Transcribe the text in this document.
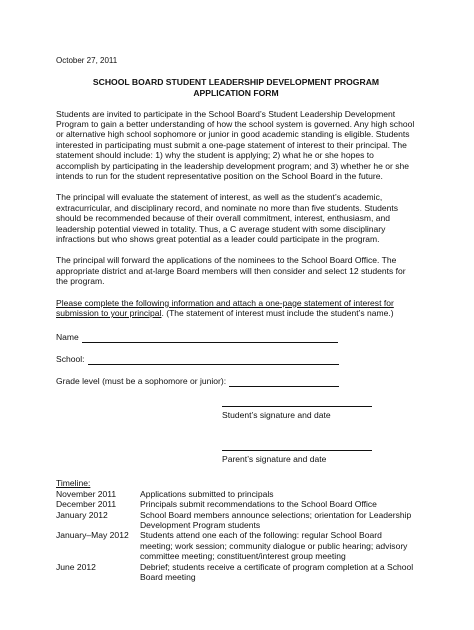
October 27, 2011
SCHOOL BOARD STUDENT LEADERSHIP DEVELOPMENT PROGRAM
APPLICATION FORM

Students are invited to participate in the School Board’s Student Leadership Development Program to gain a better understanding of how the school system is governed. Any high school or alternative high school sophomore or junior in good academic standing is eligible. Students interested in participating must submit a one-page statement of interest to their principal. The statement should include: 1) why the student is applying; 2) what he or she hopes to accomplish by participating in the leadership development program; and 3) whether he or she intends to run for the student representative position on the School Board in the future.

The principal will evaluate the statement of interest, as well as the student’s academic, extracurricular, and disciplinary record, and nominate no more than five students. Students should be recommended because of their overall commitment, interest, enthusiasm, and leadership potential viewed in totality. Thus, a C average student with some disciplinary infractions but who shows great potential as a leader could participate in the program.

The principal will forward the applications of the nominees to the School Board Office. The appropriate district and at-large Board members will then consider and select 12 students for the program.

Please complete the following information and attach a one-page statement of interest for submission to your principal. (The statement of interest must include the student’s name.)

Name
School:
Grade level (must be a sophomore or junior):
Student’s signature and date
Parent’s signature and date
Timeline:
November 2011	Applications submitted to principals
December 2011	Principals submit recommendations to the School Board Office
January 2012	School Board members announce selections; orientation for Leadership Development Program students
January–May 2012	Students attend one each of the following: regular School Board meeting; work session; community dialogue or public hearing; advisory committee meeting; constituent/interest group meeting
June 2012	Debrief; students receive a certificate of program completion at a School Board meeting
